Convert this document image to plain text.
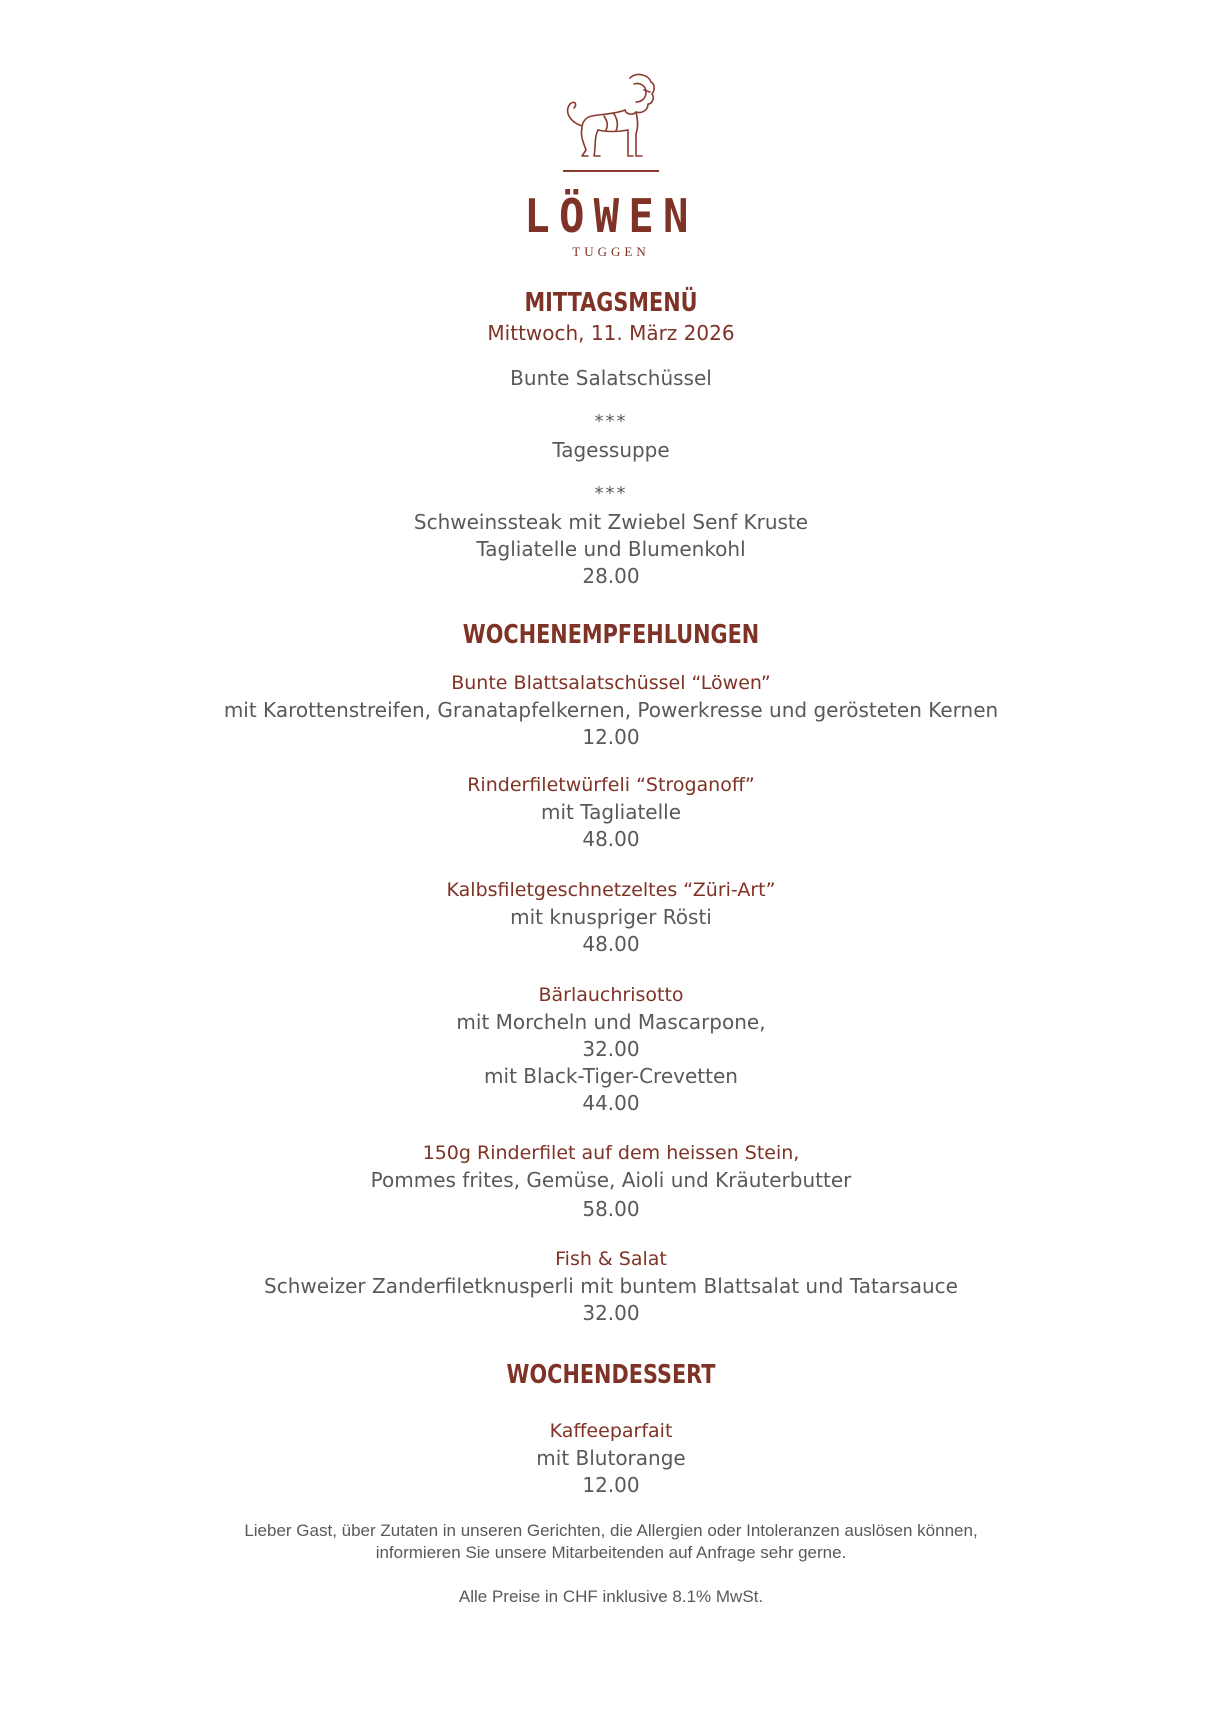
LÖWEN
TUGGEN
MITTAGSMENÜ
Mittwoch, 11. März 2026
Bunte Salatschüssel
***
Tagessuppe
***
Schweinssteak mit Zwiebel Senf Kruste
Tagliatelle und Blumenkohl
28.00
WOCHENEMPFEHLUNGEN
Bunte Blattsalatschüssel “Löwen”
mit Karottenstreifen, Granatapfelkernen, Powerkresse und gerösteten Kernen
12.00
Rinderfiletwürfeli “Stroganoff”
mit Tagliatelle
48.00
Kalbsfiletgeschnetzeltes “Züri-Art”
mit knuspriger Rösti
48.00
Bärlauchrisotto
mit Morcheln und Mascarpone,
32.00
mit Black-Tiger-Crevetten
44.00
150g Rinderfilet auf dem heissen Stein,
Pommes frites, Gemüse, Aioli und Kräuterbutter
58.00
Fish & Salat
Schweizer Zanderfiletknusperli mit buntem Blattsalat und Tatarsauce
32.00
WOCHENDESSERT
Kaffeeparfait
mit Blutorange
12.00
Lieber Gast, über Zutaten in unseren Gerichten, die Allergien oder Intoleranzen auslösen können,
informieren Sie unsere Mitarbeitenden auf Anfrage sehr gerne.
Alle Preise in CHF inklusive 8.1% MwSt.
